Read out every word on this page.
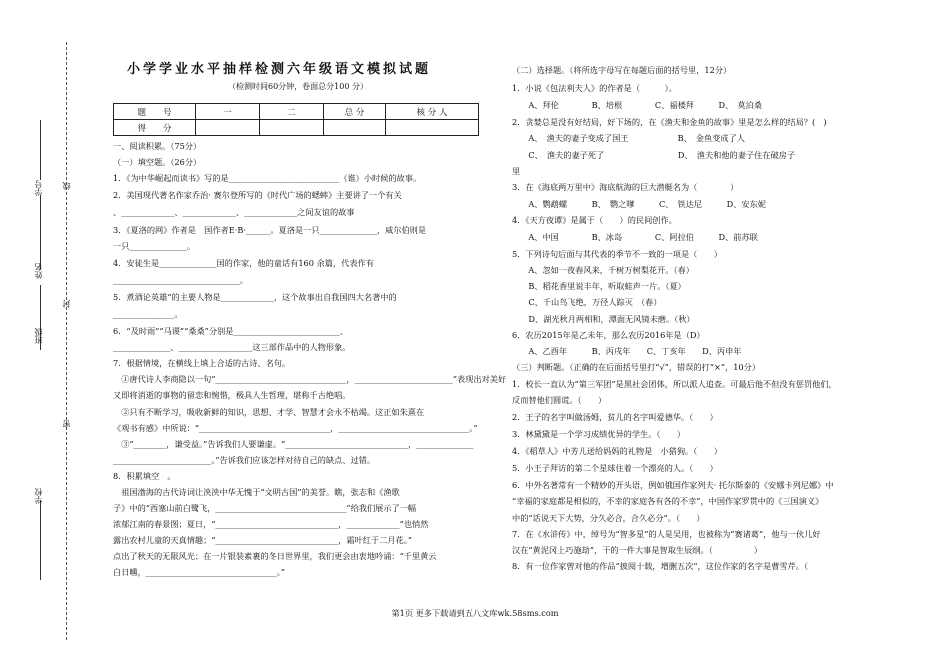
学号 线
姓名
封
班级
密
学校
小学学业水平抽样检测六年级语文模拟试题
（检测时间60分钟，卷面总分100 分）
题　　号	一	二	总 分	核 分 人
得　　分				
一、阅读积累。（75分）
（一）填空题。（26分）
1．《为中华崛起而读书》写的是___________________________（谁）小时候的故事。
2．美国现代著名作家乔治· 赛尔登所写的《时代广场的蟋蟀》主要讲了一个有关
、_____________、_____________、_____________之间友谊的故事
3．《夏洛的网》作者是　国作者E·B·______。夏洛是一只______________，威尔伯则是
一只______________。
4．安徒生是______________国的作家，他的童话有160 余篇，代表作有
_______________________________。
5．煮酒论英雄”的主要人物是_____________，这个故事出自我国四大名著中的
_______________。
6．“及时雨”“马谡”“桑桑”分别是__________________________、
______________、__________________这三部作品中的人物形象。
7．根据情境，在横线上填上合适的古诗、名句。
　①唐代诗人李商隐以一句“________________________________，________________________”表现出对美好
又即将消逝的事物的留恋和惋惜，极具人生哲理，堪称千古绝唱。
　②只有不断学习，吸收新鲜的知识，思想、才学、智慧才会永不枯竭。这正如朱熹在
《观书有感》中所说：“________________________________，________________________________。”
　③“________，谦受益。”告诉我们人要谦虚。“______________________________，______________
________________________。”告诉我们应该怎样对待自己的缺点、过错。
8．积累填空　。
　祖国渤海的古代诗词让泱泱中华无愧于“文明古国”的美誉。瞧，张志和《渔歌
子》中的“西塞山前白鹭飞，________________________________”给我们展示了一幅
浓郁江南的春景图；夏日，“______________________________，_____________”也悄然
露出农村儿童的天真情趣；“______________________________，霜叶红于二月花。”
点出了秋天的无限风光；在一片银装素裹的冬日世界里，我们更会由衷地吟诵：“千里黄云
白日曛，________________________________。”
（二）选择题。（将所选字母写在每题后面的括号里，12分）
1．小说《包法利夫人》的作者是（　　　）。
　　A、拜伦　　　　B、培根　　　　C、福楼拜　　　D、　莫泊桑
2．贪婪总是没有好结局，好下场的，在《渔夫和金鱼的故事》里是怎么样的结局？(　)
　　A、　渔夫的妻子变成了国王　　　　　　B、　金鱼变成了人
　　C、　渔夫的妻子死了　　　　　　　　　D、　渔夫和他的妻子住在破房子
里
3．在《海底两万里中》海底航海的巨大潜艇名为（　　　　）
　　A、鹦鹉螺　　　B、　鹦之嗲　　　C、　铁达尼　　　D、安东妮
4．《天方夜谭》是属于（　　）的民间创作。
　　A、中国　　　　B、冰岛　　　　C、阿拉伯　　　D、前苏联
5．下列诗句后面与其代表的季节不一致的一项是（　　）
　　A、忽如一夜春风来，千树万树梨花开。（春）
　　B、稻花香里说丰年，听取蛙声一片。（夏）
　　C、千山鸟飞绝，万径人踪灭　（春）
　　D、湖光秋月两相和，潭面无风镜未磨。（秋）
6．农历2015年是乙未年，那么农历2016年是（D）
　　A、乙酉年　　　B、丙戌年　　C、丁亥年　　D、丙申年
（三）判断题。（正确的在后面括号里打“√”，错误的打“×”，10分）
1．校长一直认为“第三军团”是黑社会团体，所以派人追查。可最后他不但没有惩罚他们，
反而替他们圆谎。（　　）
2．王子的名字叫做汤姆，贫儿的名字叫爱德华。（　　）
3．林黛黛是一个学习成绩优异的学生。（　　）
4．《稻草人》中芳儿送给妈妈的礼物是　小猎狗。（　　）
5．小王子拜访的第二个星球住着一个漂亮的人。（　　）
6．中外名著常有一个精妙的开头语，例如俄国作家列夫· 托尔斯泰的《安娜卡列尼娜》中
“幸福的家庭都是相似的，不幸的家庭各有各的不幸”，中国作家罗贯中的《三国演义》
中的“话说天下大势，分久必合，合久必分”。（　　）
7．在《水浒传》中，绰号为“智多星”的人是吴用，也被称为“赛诸葛”，他与一伙儿好
汉在“黄泥冈上巧施劫”，干的一件大事是智取生辰纲。（　　　　　）
8．有一位作家曾对他的作品“披阅十载，增删五次”，这位作家的名字是曹雪芹。（
第1页 更多下载请到五八文库wk.58sms.com
